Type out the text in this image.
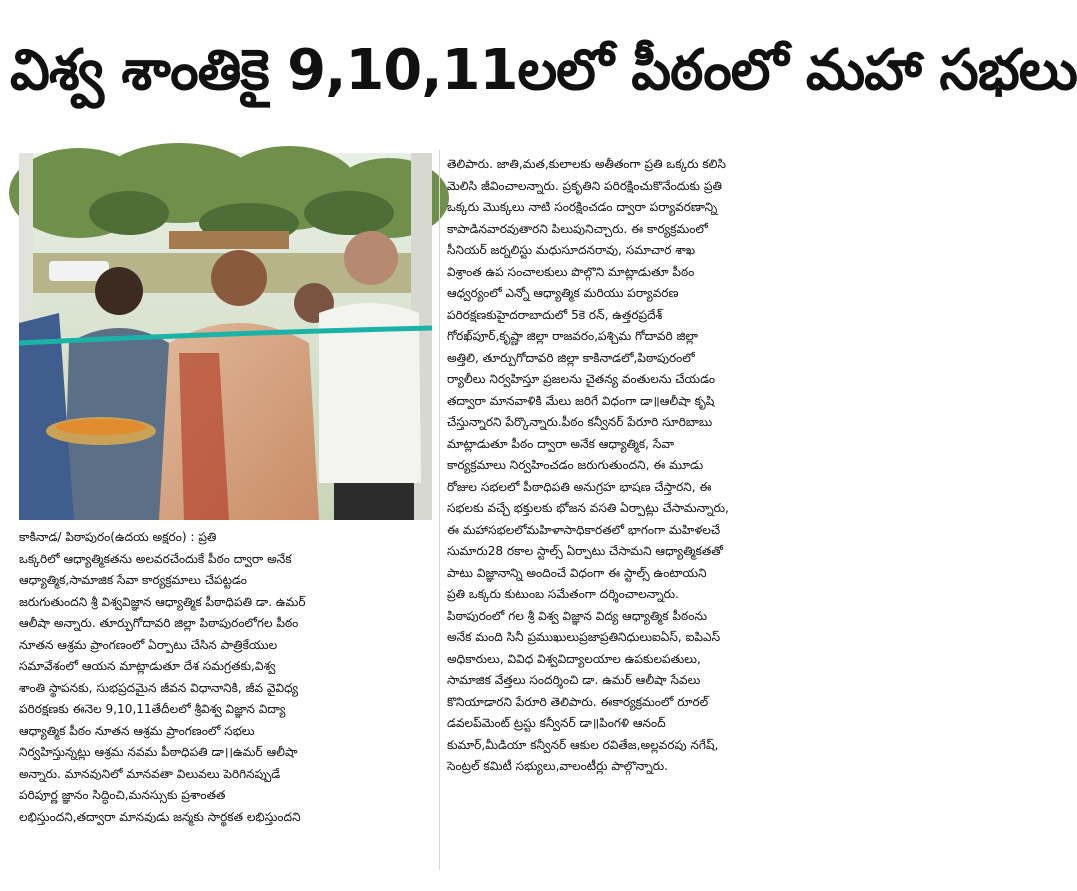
విశ్వ శాంతికై 9,10,11లలో పీఠంలో మహా సభలు

కాకినాడ/ పిఠాపురం(ఉదయ అక్షరం) : ప్రతి

ఒక్కరిలో ఆధ్యాత్మికతను అలవరచేందుకే పీఠం ద్వారా అనేక

ఆధ్యాత్మిక,సామాజిక సేవా కార్యక్రమాలు చేపట్టడం

జరుగుతుందని శ్రీ విశ్వవిజ్ఞాన ఆధ్యాత్మిక పీఠాధిపతి డా. ఉమర్

ఆలీషా అన్నారు. తూర్పుగోదావరి జిల్లా పిఠాపురంలోగల పీఠం

నూతన ఆశ్రమ ప్రాంగణంలో ఏర్పాటు చేసిన పాత్రికేయుల

సమావేశంలో ఆయన మాట్లాడుతూ దేశ సమగ్రతకు,విశ్వ

శాంతి స్థాపనకు, సుభప్రదమైన జీవన విధానానికి, జీవ వైవిధ్య

పరిరక్షణకు ఈనెల 9,10,11తేదీలలో శ్రీవిశ్వ విజ్ఞాన విద్యా

ఆధ్యాత్మిక పీఠం నూతన ఆశ్రమ ప్రాంగణంలో సభలు

నిర్వహిస్తున్నట్లు ఆశ్రమ నవమ పీఠాధిపతి డా।।ఉమర్ ఆలీషా

అన్నారు. మానవునిలో మానవతా విలువలు పెరిగినప్పుడే

పరిపూర్ణ జ్ఞానం సిద్ధించి,మనస్సుకు ప్రశాంతత

లభిస్తుందని,తద్వారా మానవుడు జన్మకు సార్థకత లభిస్తుందని

తెలిపారు. జాతి,మత,కులాలకు అతీతంగా ప్రతి ఒక్కరు కలిసి

మెలిసి జీవించాలన్నారు. ప్రకృతిని పరిరక్షించుకొనేందుకు ప్రతి

ఒక్కరు మొక్కలు నాటి సంరక్షించడం ద్వారా పర్యావరణాన్ని

కాపాడినవారవుతారని పిలుపునిచ్చారు. ఈ కార్యక్రమంలో

సీనియర్ జర్నలిస్టు మధుసూదనరావు, సమాచార శాఖ

విశ్రాంత ఉప సంచాలకులు పొల్గొని మాట్లాడుతూ పీఠం

ఆధ్వర్యంలో ఎన్నో ఆధ్యాత్మిక మరియు పర్యావరణ

పరిరక్షణకుహైదరాబాదులో 5కె రన్, ఉత్తరప్రదేశ్

గోరఖ్‌పూర్,కృష్ణా జిల్లా రాజవరం,పశ్చిమ గోదావరి జిల్లా

అత్తిలి, తూర్పుగోదావరి జిల్లా కాకినాడలో,పిఠాపురంలో

ర్యాలీలు నిర్వహిస్తూ ప్రజలను చైతన్య వంతులను చేయడం

తద్వారా మానవాళికి మేలు జరిగే విధంగా డా॥ఆలీషా కృషి

చేస్తున్నారని పేర్కొన్నారు.పీఠం కన్వీనర్ పేరూరి సూరిబాబు

మాట్లాడుతూ పీఠం ద్వారా అనేక ఆధ్యాత్మిక, సేవా

కార్యక్రమాలు నిర్వహించడం జరుగుతుందని, ఈ మూడు

రోజుల సభలలో పీఠాధిపతి అనుగ్రహ భాషణ చేస్తారని, ఈ

సభలకు వచ్చే భక్తులకు భోజన వసతి ఏర్పాట్లు చేసామన్నారు,

ఈ మహాసభలలోమహిళాసాధికారతలో భాగంగా మహిళలచే

సుమారు28 రకాల స్టాల్స్ ఏర్పాటు చేసామని ఆధ్యాత్మికతతో

పాటు విజ్ఞానాన్ని అందించే విధంగా ఈ స్టాల్స్ ఉంటాయని

ప్రతి ఒక్కరు కుటుంబ సమేతంగా దర్శించాలన్నారు.

పిఠాపురంలో గల శ్రీ విశ్వ విజ్ఞాన విద్య ఆధ్యాత్మిక పీఠంను

అనేక మంది సినీ ప్రముఖులుప్రజాప్రతినిధులుఐఏస్, ఐపిఎస్

అధికారులు, వివిధ విశ్వవిద్యాలయాల ఉపకులపతులు,

సామాజిక వేత్తలు సందర్శించి డా. ఉమర్ ఆలీషా సేవలు

కొనియాడారని పేరూరి తెలిపారు. ఈకార్యక్రమంలో రూరల్

డవలప్‌మెంట్ ట్రస్టు కన్వీనర్ డా॥పింగళి ఆనంద్

కుమార్,మీడియా కన్వీనర్ ఆకుల రవితేజ,అల్లవరపు నగేష్,

సెంట్రల్ కమిటీ సభ్యులు,వాలంటీర్లు పాల్గొన్నారు.
